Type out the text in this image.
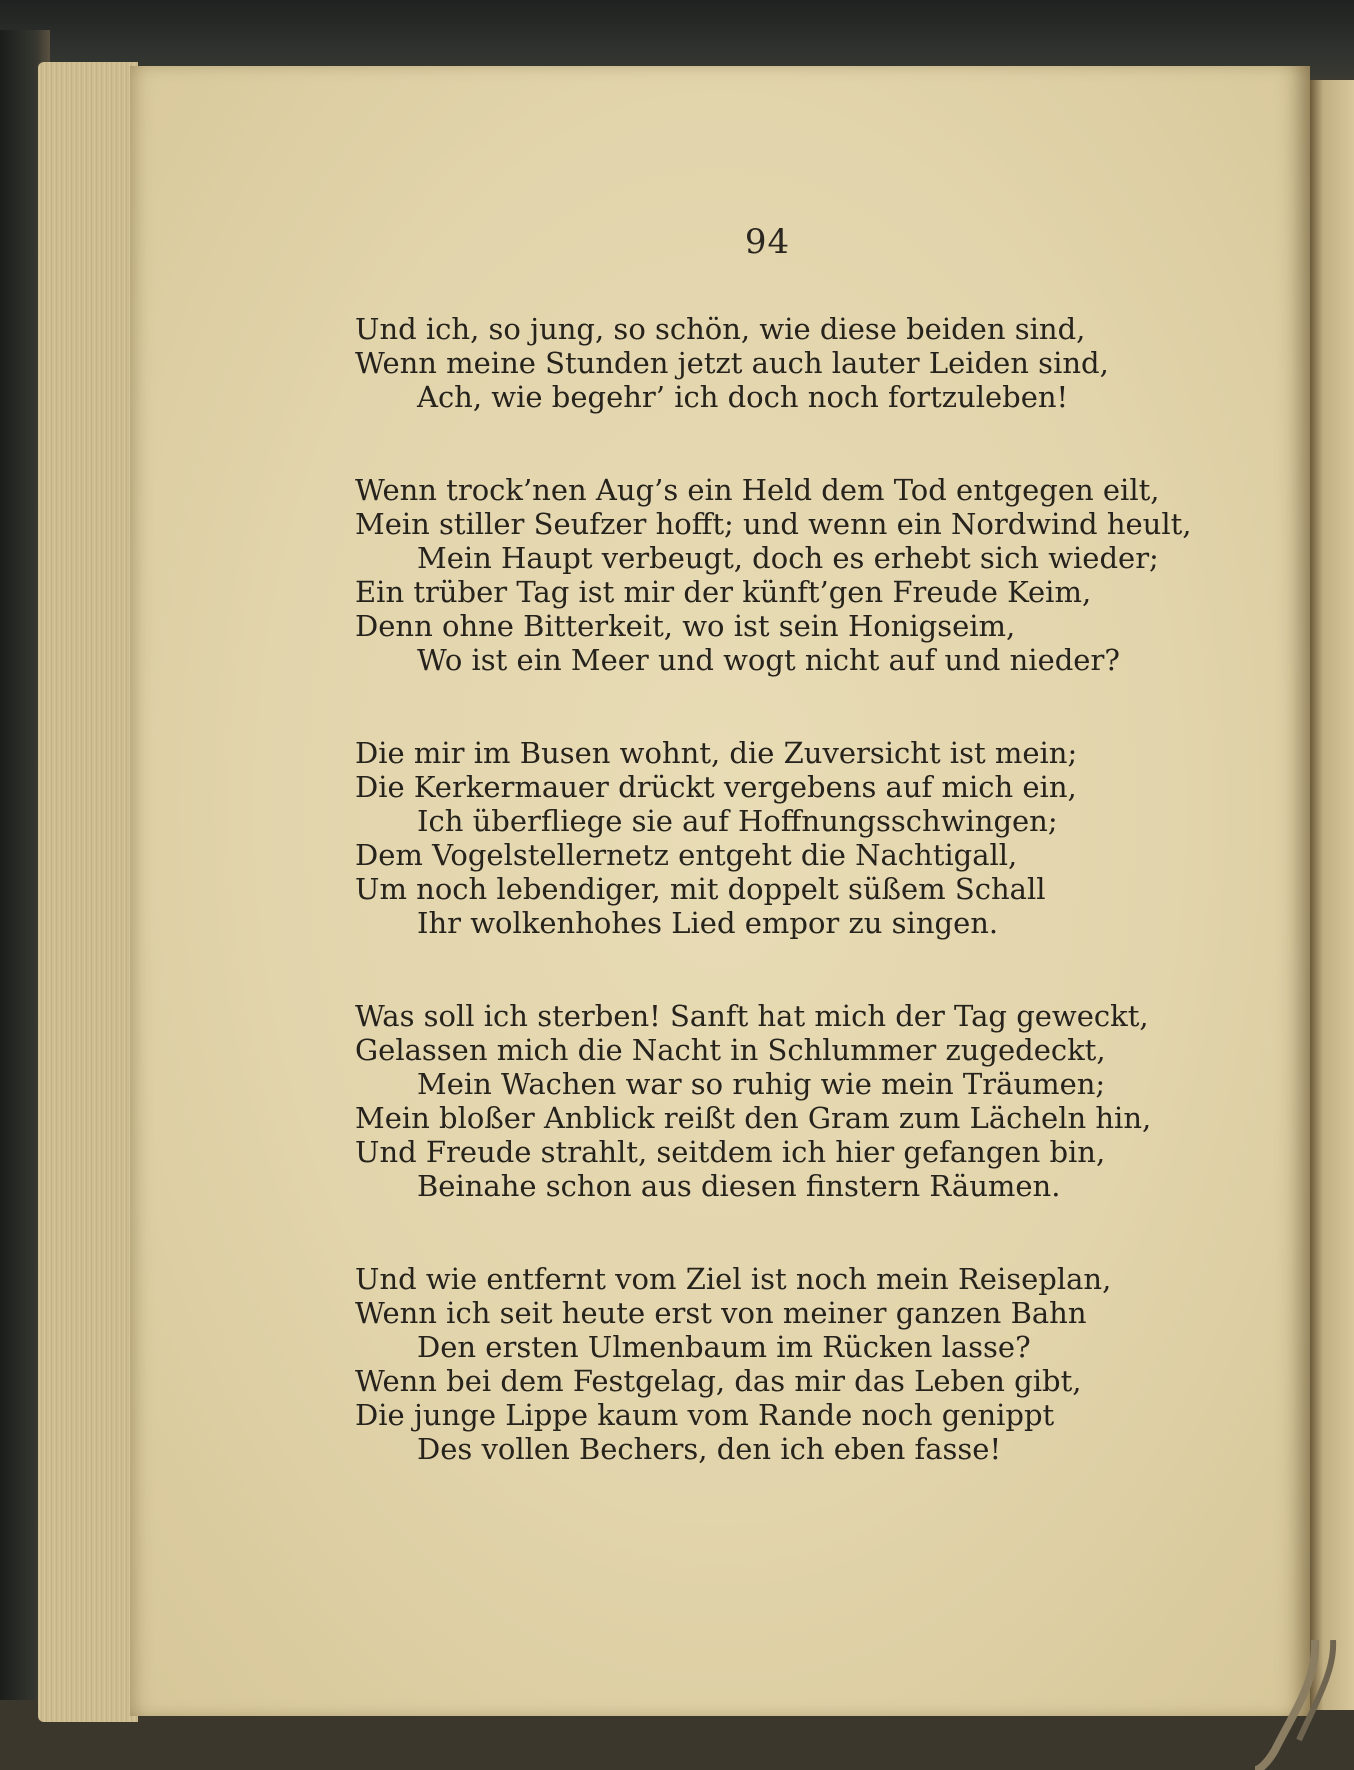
94
Und ich, so jung, so schön, wie diese beiden sind,
Wenn meine Stunden jetzt auch lauter Leiden sind,
Ach, wie begehr’ ich doch noch fortzuleben!
Wenn trock’nen Aug’s ein Held dem Tod entgegen eilt,
Mein stiller Seufzer hofft; und wenn ein Nordwind heult,
Mein Haupt verbeugt, doch es erhebt sich wieder;
Ein trüber Tag ist mir der künft’gen Freude Keim,
Denn ohne Bitterkeit, wo ist sein Honigseim,
Wo ist ein Meer und wogt nicht auf und nieder?
Die mir im Busen wohnt, die Zuversicht ist mein;
Die Kerkermauer drückt vergebens auf mich ein,
Ich überfliege sie auf Hoffnungsschwingen;
Dem Vogelstellernetz entgeht die Nachtigall,
Um noch lebendiger, mit doppelt süßem Schall
Ihr wolkenhohes Lied empor zu singen.
Was soll ich sterben! Sanft hat mich der Tag geweckt,
Gelassen mich die Nacht in Schlummer zugedeckt,
Mein Wachen war so ruhig wie mein Träumen;
Mein bloßer Anblick reißt den Gram zum Lächeln hin,
Und Freude strahlt, seitdem ich hier gefangen bin,
Beinahe schon aus diesen finstern Räumen.
Und wie entfernt vom Ziel ist noch mein Reiseplan,
Wenn ich seit heute erst von meiner ganzen Bahn
Den ersten Ulmenbaum im Rücken lasse?
Wenn bei dem Festgelag, das mir das Leben gibt,
Die junge Lippe kaum vom Rande noch genippt
Des vollen Bechers, den ich eben fasse!
